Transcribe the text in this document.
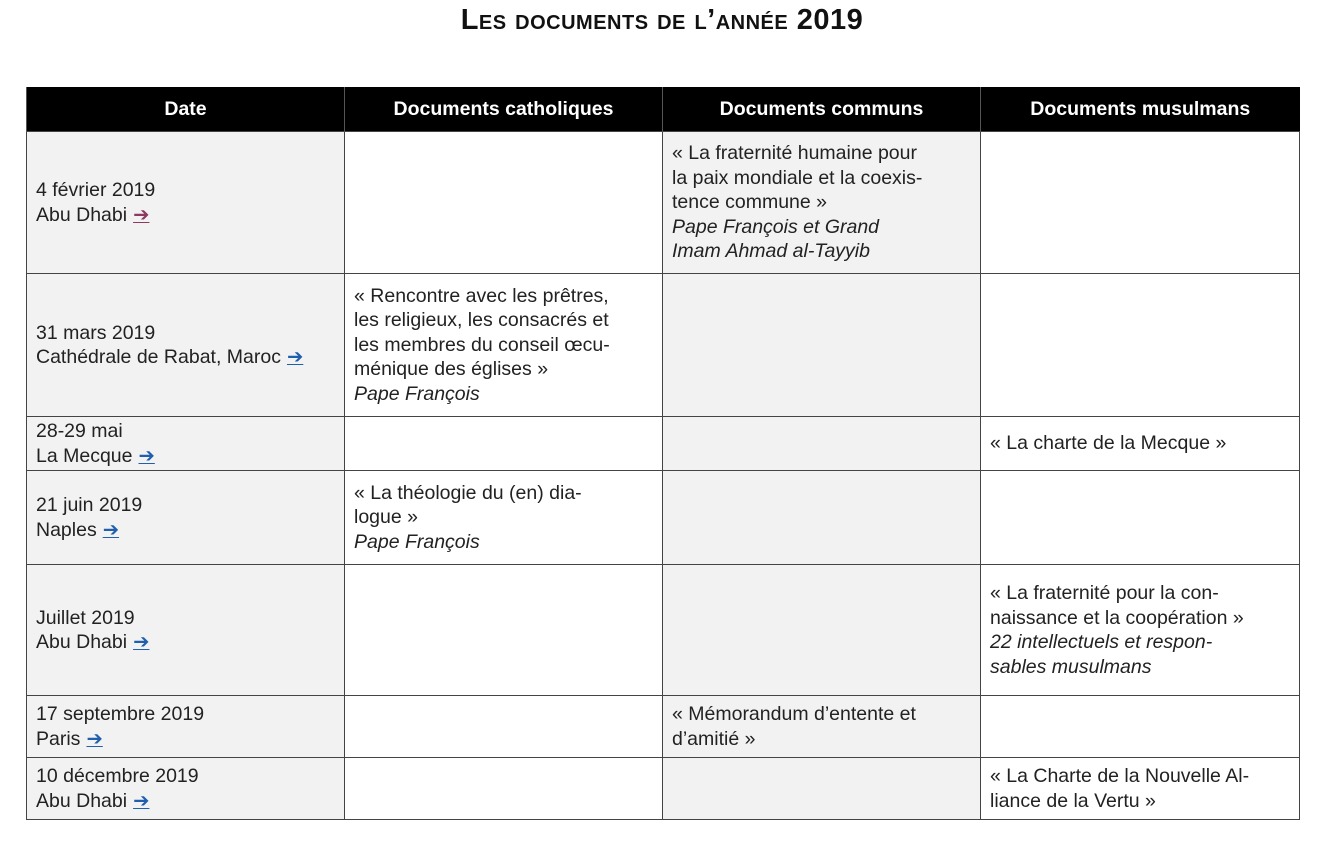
Les documents de l’année 2019
Date	Documents catholiques	Documents communs	Documents musulmans

4 février 2019
Abu Dhabi ➔		« La fraternité humaine pour
la paix mondiale et la coexis-
tence commune »
Pape François et Grand
Imam Ahmad al-Tayyib	

31 mars 2019
Cathédrale de Rabat, Maroc ➔	« Rencontre avec les prêtres,
les religieux, les consacrés et
les membres du conseil œcu-
ménique des églises »
Pape François		

28-29 mai
La Mecque ➔			« La charte de la Mecque »

21 juin 2019
Naples ➔	« La théologie du (en) dia-
logue »
Pape François		

Juillet 2019
Abu Dhabi ➔			« La fraternité pour la con-
naissance et la coopération »
22 intellectuels et respon-
sables musulmans

17 septembre 2019
Paris ➔		« Mémorandum d’entente et
d’amitié »	

10 décembre 2019
Abu Dhabi ➔			« La Charte de la Nouvelle Al-
liance de la Vertu »
